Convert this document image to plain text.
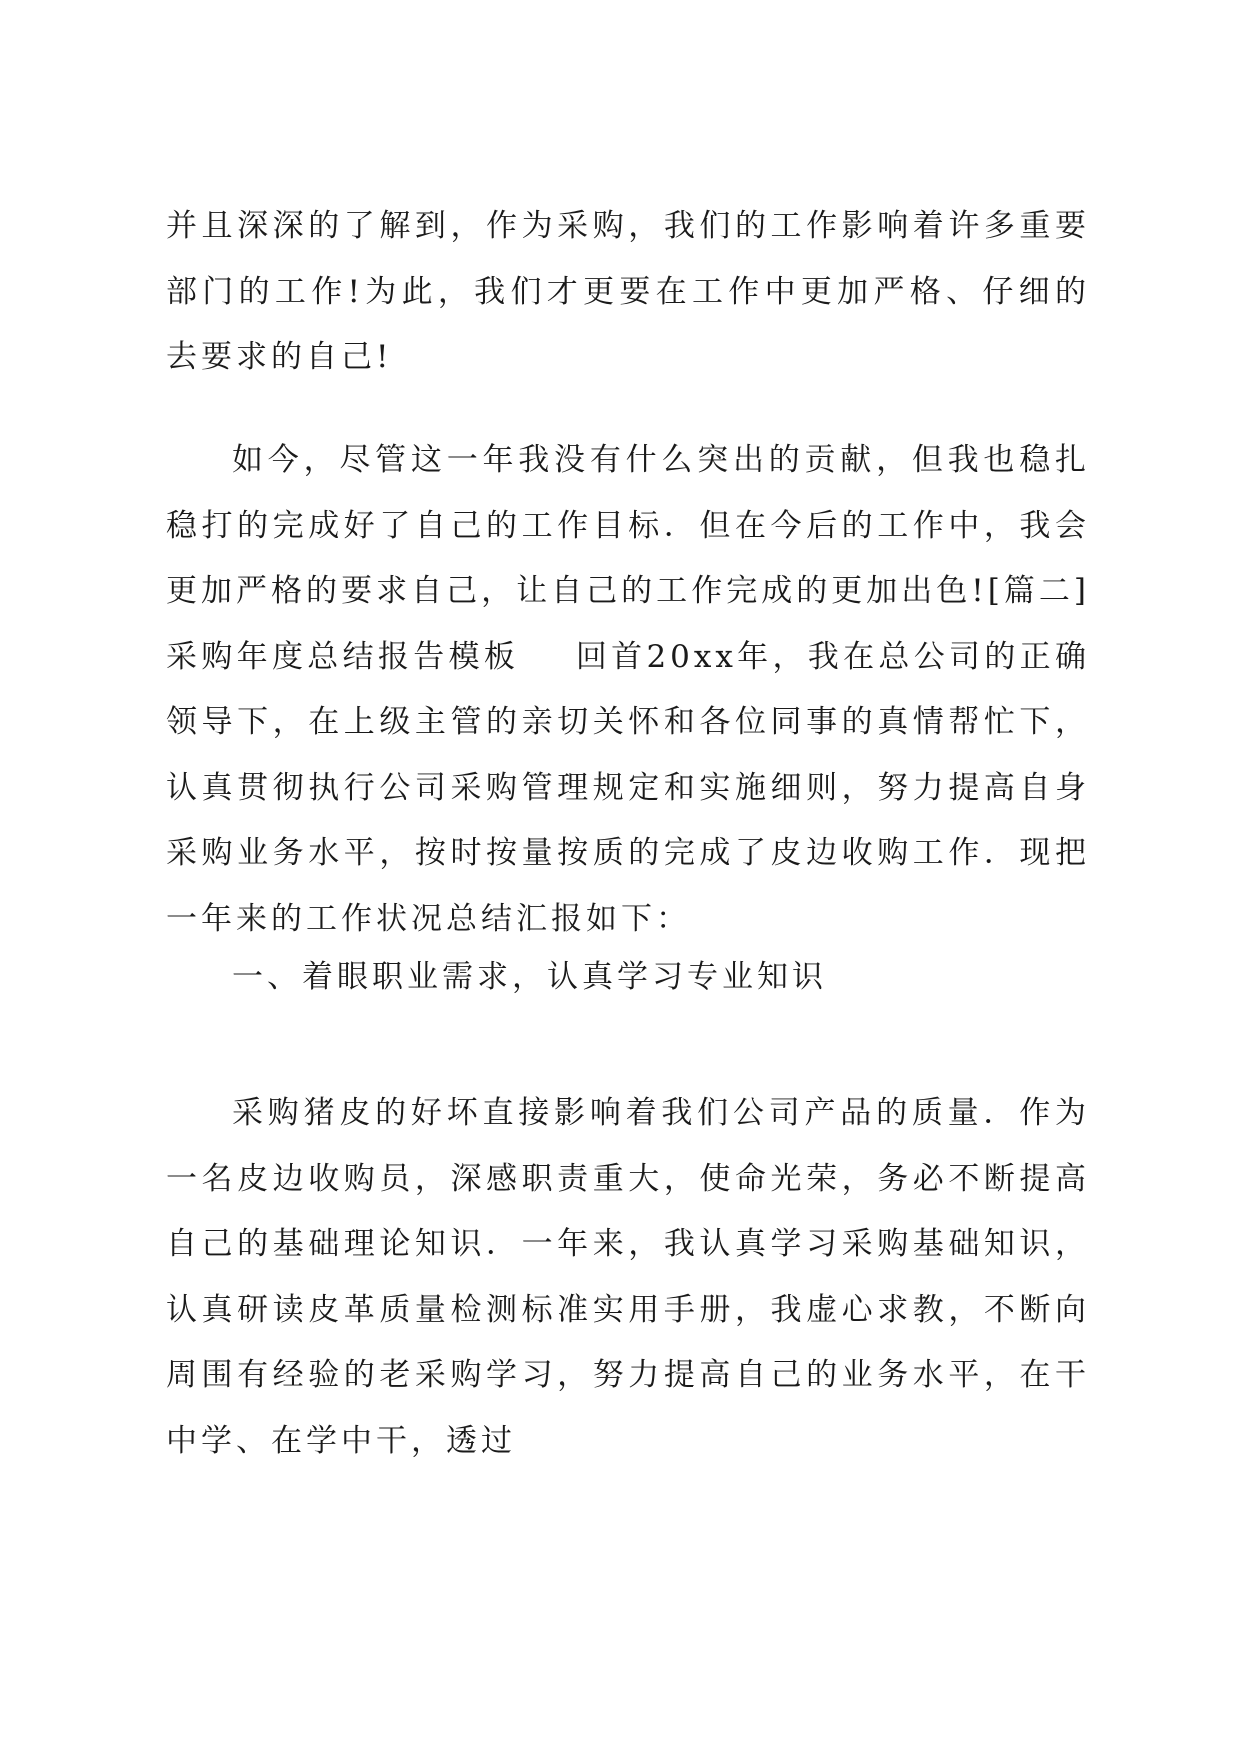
并且深深的了解到，作为采购，我们的工作影响着许多重要部门的工作!为此，我们才更要在工作中更加严格、仔细的去要求的自己!
如今，尽管这一年我没有什么突出的贡献，但我也稳扎稳打的完成好了自己的工作目标．但在今后的工作中，我会更加严格的要求自己，让自己的工作完成的更加出色![篇二]采购年度总结报告模板    回首20xx年，我在总公司的正确领导下，在上级主管的亲切关怀和各位同事的真情帮忙下，认真贯彻执行公司采购管理规定和实施细则，努力提高自身采购业务水平，按时按量按质的完成了皮边收购工作．现把一年来的工作状况总结汇报如下：
一、着眼职业需求，认真学习专业知识
采购猪皮的好坏直接影响着我们公司产品的质量．作为一名皮边收购员，深感职责重大，使命光荣，务必不断提高自己的基础理论知识．一年来，我认真学习采购基础知识，认真研读皮革质量检测标准实用手册，我虚心求教，不断向周围有经验的老采购学习，努力提高自己的业务水平，在干中学、在学中干，透过
